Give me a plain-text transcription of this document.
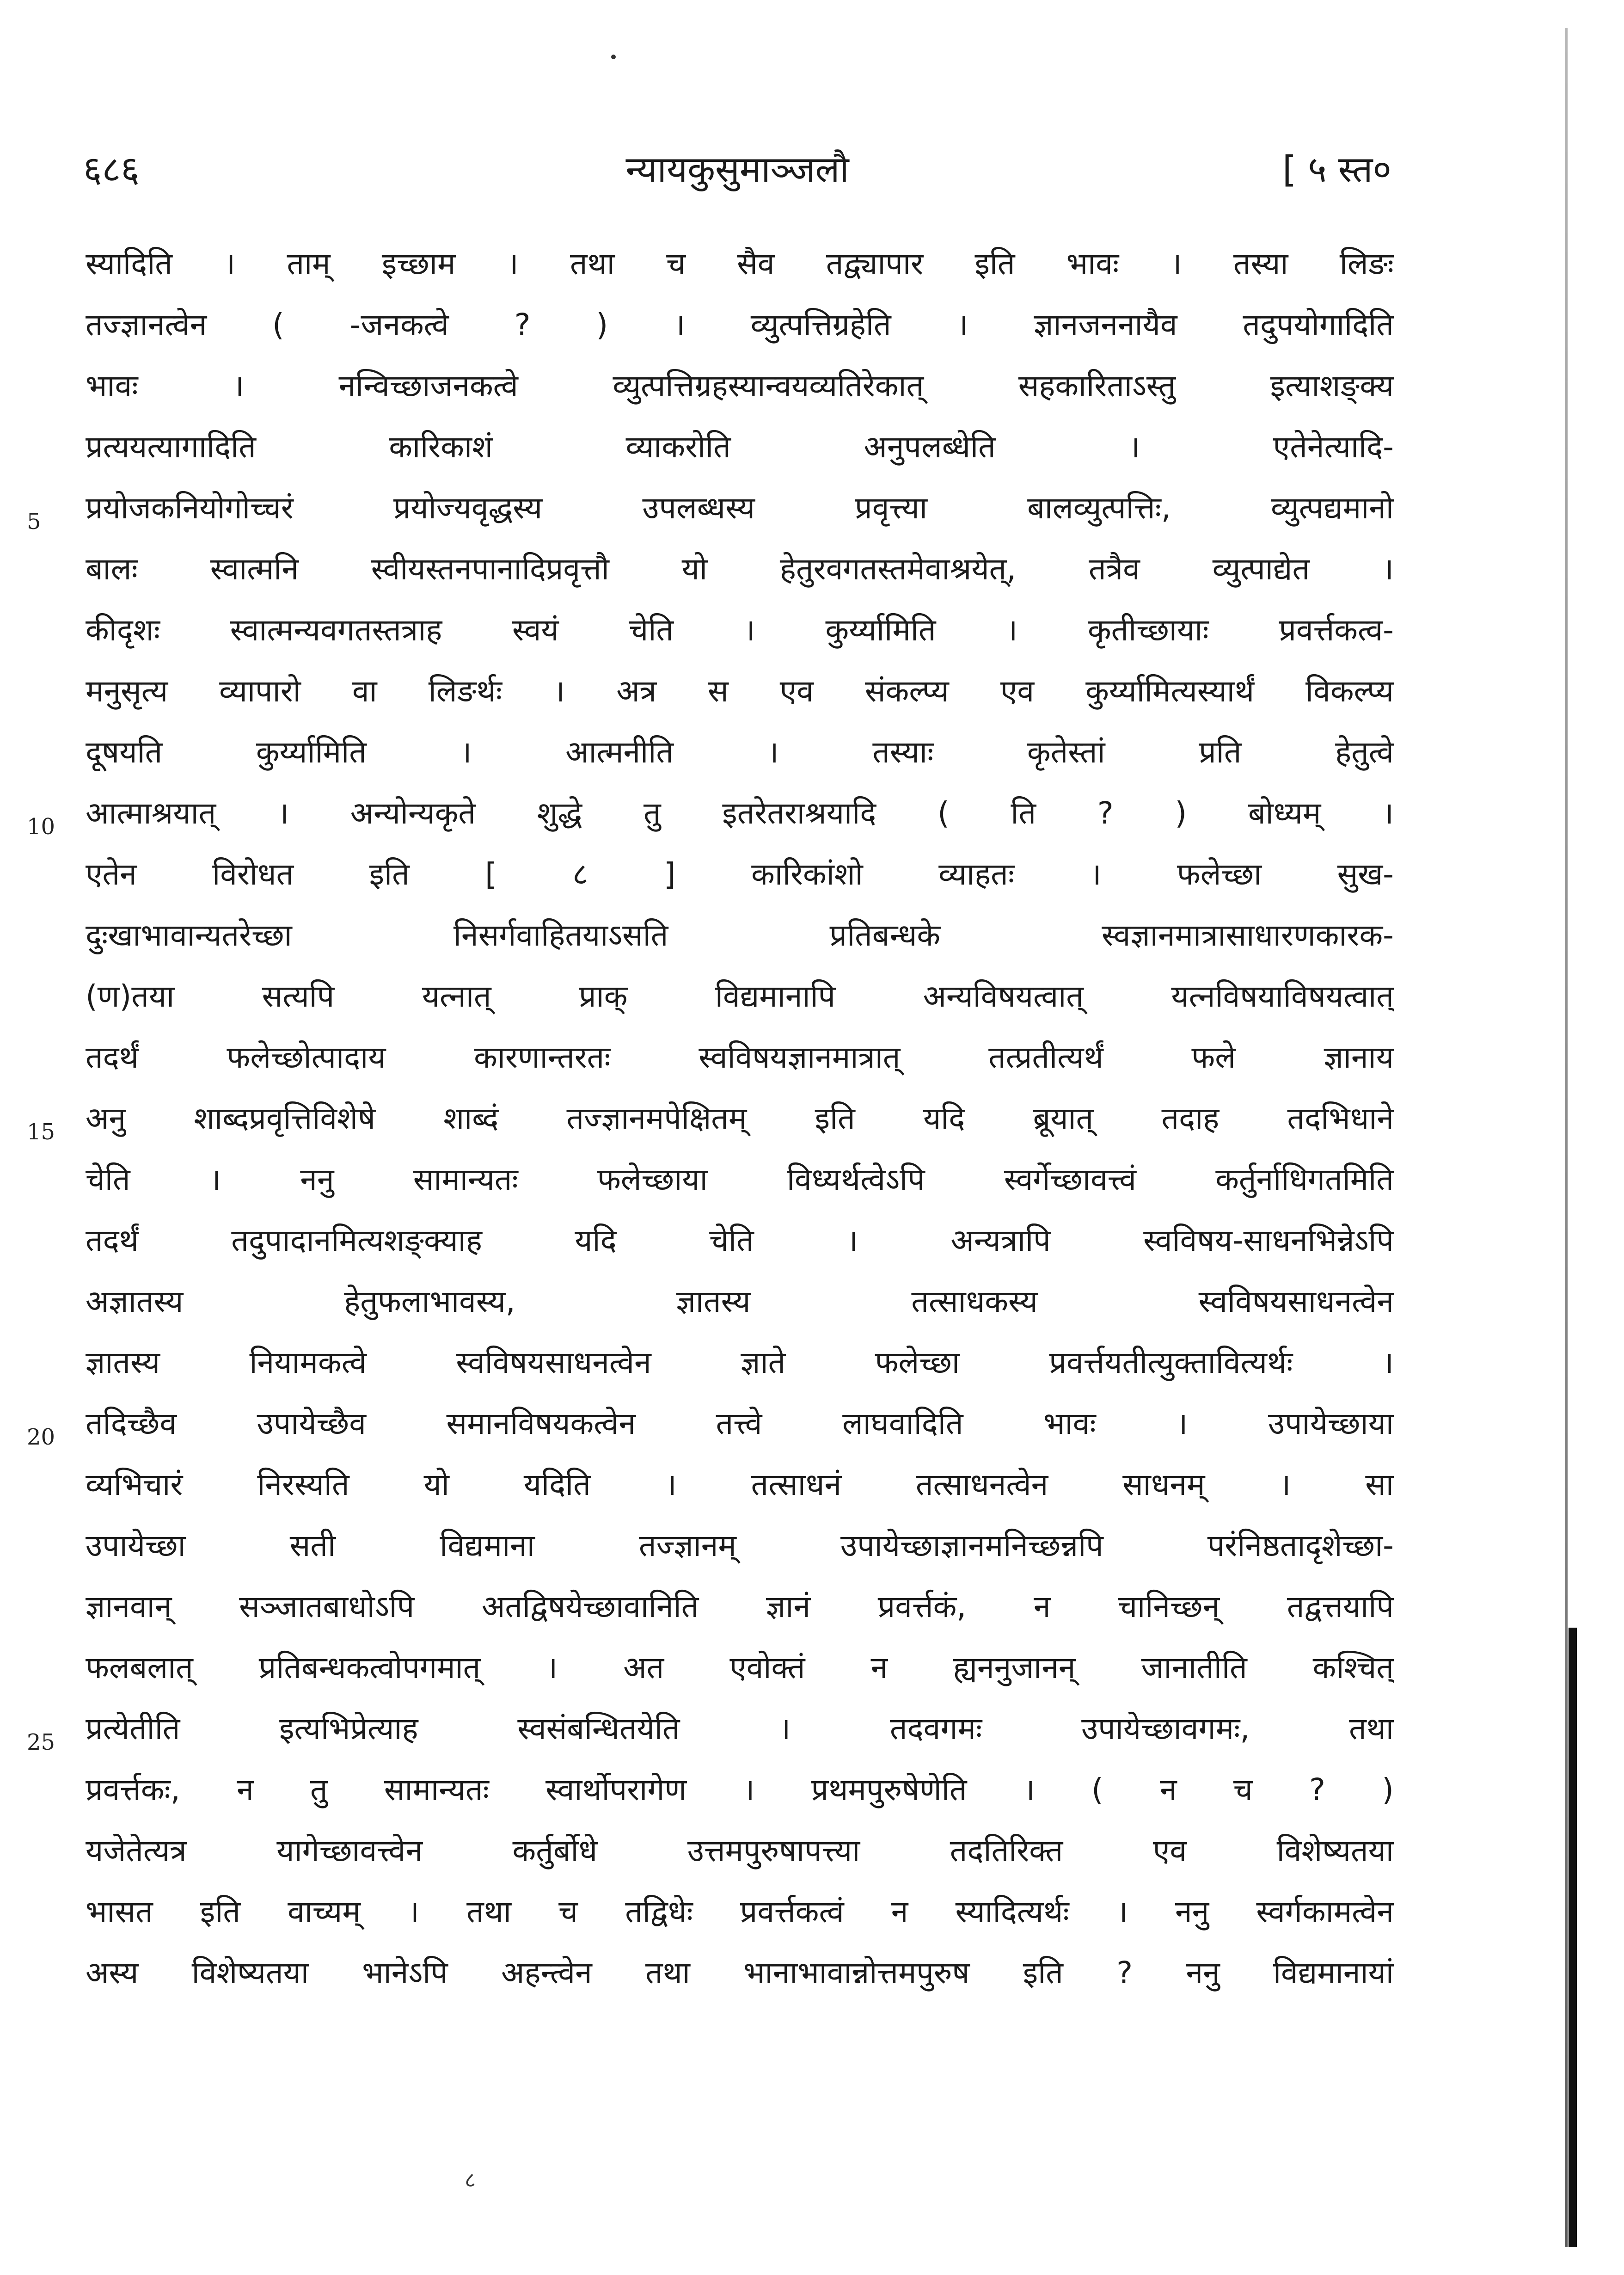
६८६	न्यायकुसुमाञ्जलौ	[ ५ स्त०
5
10
15
20
25
स्यादिति । ताम् इच्छाम । तथा च सैव तद्व्यापार इति भावः । तस्या लिङः
तज्ज्ञानत्वेन ( -जनकत्वे ? ) । व्युत्पत्तिग्रहेति । ज्ञानजननायैव तदुपयोगादिति
भावः । नन्विच्छाजनकत्वे व्युत्पत्तिग्रहस्यान्वयव्यतिरेकात् सहकारिताऽस्तु इत्याशङ्क्य
प्रत्ययत्यागादिति कारिकाशं व्याकरोति अनुपलब्धेति । एतेनेत्यादि-
प्रयोजकनियोगोच्चरं प्रयोज्यवृद्धस्य उपलब्धस्य प्रवृत्त्या बालव्युत्पत्तिः, व्युत्पद्यमानो
बालः स्वात्मनि स्वीयस्तनपानादिप्रवृत्तौ यो हेतुरवगतस्तमेवाश्रयेत्, तत्रैव व्युत्पाद्येत ।
कीदृशः स्वात्मन्यवगतस्तत्राह स्वयं चेति । कुर्य्यामिति । कृतीच्छायाः प्रवर्त्तकत्व-
मनुसृत्य व्यापारो वा लिङर्थः । अत्र स एव संकल्प्य एव कुर्य्यामित्यस्यार्थं विकल्प्य
दूषयति कुर्य्यामिति । आत्मनीति । तस्याः कृतेस्तां प्रति हेतुत्वे
आत्माश्रयात् । अन्योन्यकृते शुद्धे तु इतरेतराश्रयादि ( ति ? ) बोध्यम् ।
एतेन विरोधत इति [ ८ ] कारिकांशो व्याहतः । फलेच्छा सुख-
दुःखाभावान्यतरेच्छा निसर्गवाहितयाऽसति प्रतिबन्धके स्वज्ञानमात्रासाधारणकारक-
(ण)तया सत्यपि यत्नात् प्राक् विद्यमानापि अन्यविषयत्वात् यत्नविषयाविषयत्वात्
तदर्थं फलेच्छोत्पादाय कारणान्तरतः स्वविषयज्ञानमात्रात् तत्प्रतीत्यर्थं फले ज्ञानाय
अनु शाब्दप्रवृत्तिविशेषे शाब्दं तज्ज्ञानमपेक्षितम् इति यदि ब्रूयात् तदाह तदभिधाने
चेति । ननु सामान्यतः फलेच्छाया विध्यर्थत्वेऽपि स्वर्गेच्छावत्त्वं कर्तुर्नाधिगतमिति
तदर्थं तदुपादानमित्यशङ्क्याह यदि चेति । अन्यत्रापि स्वविषय-साधनभिन्नेऽपि
अज्ञातस्य हेतुफलाभावस्य, ज्ञातस्य तत्साधकस्य स्वविषयसाधनत्वेन
ज्ञातस्य नियामकत्वे स्वविषयसाधनत्वेन ज्ञाते फलेच्छा प्रवर्त्तयतीत्युक्तावित्यर्थः ।
तदिच्छैव उपायेच्छैव समानविषयकत्वेन तत्त्वे लाघवादिति भावः । उपायेच्छाया
व्यभिचारं निरस्यति यो यदिति । तत्साधनं तत्साधनत्वेन साधनम् । सा
उपायेच्छा सती विद्यमाना तज्ज्ञानम् उपायेच्छाज्ञानमनिच्छन्नपि परंनिष्ठतादृशेच्छा-
ज्ञानवान् सञ्जातबाधोऽपि अतद्विषयेच्छावानिति ज्ञानं प्रवर्त्तकं, न चानिच्छन् तद्वत्तयापि
फलबलात् प्रतिबन्धकत्वोपगमात् । अत एवोक्तं न ह्यननुजानन् जानातीति कश्चित्
प्रत्येतीति इत्यभिप्रेत्याह स्वसंबन्धितयेति । तदवगमः उपायेच्छावगमः, तथा
प्रवर्त्तकः, न तु सामान्यतः स्वार्थोपरागेण । प्रथमपुरुषेणेति । ( न च ? )
यजेतेत्यत्र यागेच्छावत्त्वेन कर्तुर्बोधे उत्तमपुरुषापत्त्या तदतिरिक्त एव विशेष्यतया
भासत इति वाच्यम् । तथा च तद्विधेः प्रवर्त्तकत्वं न स्यादित्यर्थः । ननु स्वर्गकामत्वेन
अस्य विशेष्यतया भानेऽपि अहन्त्वेन तथा भानाभावान्नोत्तमपुरुष इति ? ननु विद्यमानायां
८
